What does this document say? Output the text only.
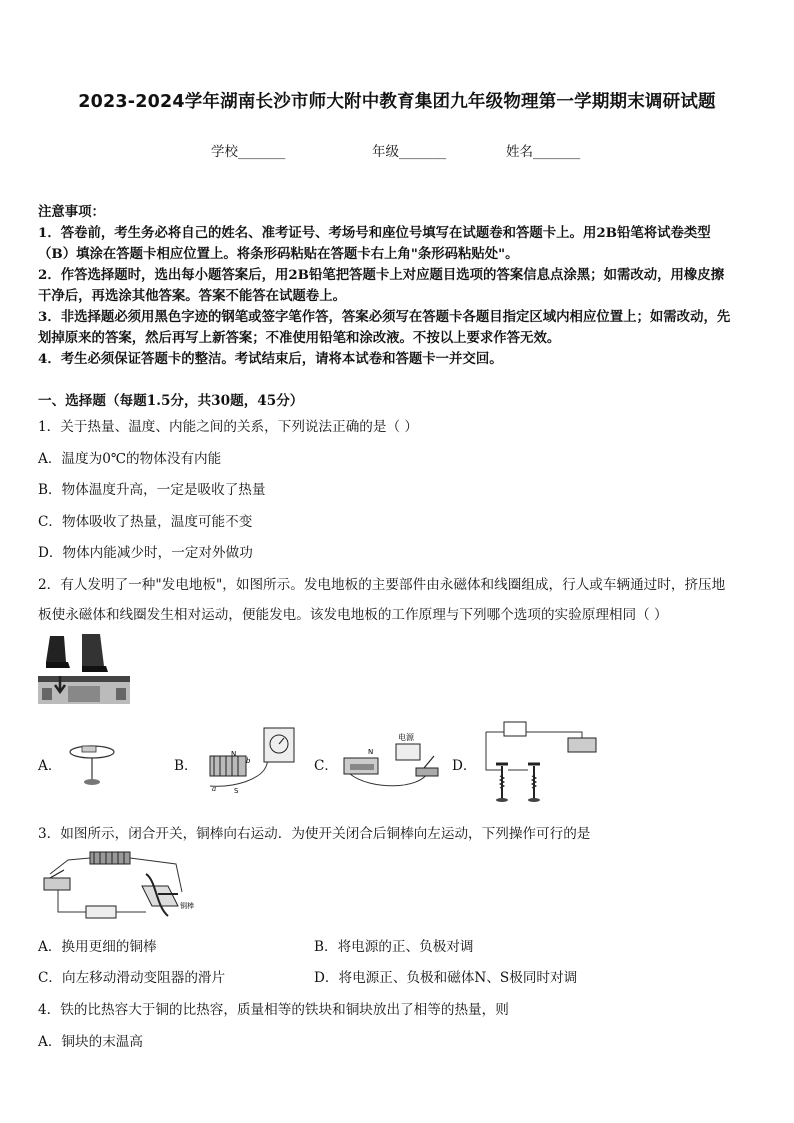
2023-2024学年湖南长沙市师大附中教育集团九年级物理第一学期期末调研试题
学校_______	年级_______	姓名_______
注意事项：
1．答卷前，考生务必将自己的姓名、准考证号、考场号和座位号填写在试题卷和答题卡上。用2B铅笔将试卷类型
（B）填涂在答题卡相应位置上。将条形码粘贴在答题卡右上角"条形码粘贴处"。
2．作答选择题时，选出每小题答案后，用2B铅笔把答题卡上对应题目选项的答案信息点涂黑；如需改动，用橡皮擦
干净后，再选涂其他答案。答案不能答在试题卷上。
3．非选择题必须用黑色字迹的钢笔或签字笔作答，答案必须写在答题卡各题目指定区域内相应位置上；如需改动，先
划掉原来的答案，然后再写上新答案；不准使用铅笔和涂改液。不按以上要求作答无效。
4．考生必须保证答题卡的整洁。考试结束后，请将本试卷和答题卡一并交回。
一、选择题（每题1.5分，共30题，45分）
1．关于热量、温度、内能之间的关系，下列说法正确的是（ ）
A．温度为0℃的物体没有内能
B．物体温度升高，一定是吸收了热量
C．物体吸收了热量，温度可能不变
D．物体内能减少时，一定对外做功
2．有人发明了一种"发电地板"，如图所示。发电地板的主要部件由永磁体和线圈组成，行人或车辆通过时，挤压地
板使永磁体和线圈发生相对运动，便能发电。该发电地板的工作原理与下列哪个选项的实验原理相同（ ）
A．	B．
N
S
a
b	C．
N
电源
D．
3．如图所示，闭合开关，铜棒向右运动．为使开关闭合后铜棒向左运动，下列操作可行的是
铜棒
A．换用更细的铜棒	B．将电源的正、负极对调
C．向左移动滑动变阻器的滑片	D．将电源正、负极和磁体N、S极同时对调
4．铁的比热容大于铜的比热容，质量相等的铁块和铜块放出了相等的热量，则
A．铜块的末温高
